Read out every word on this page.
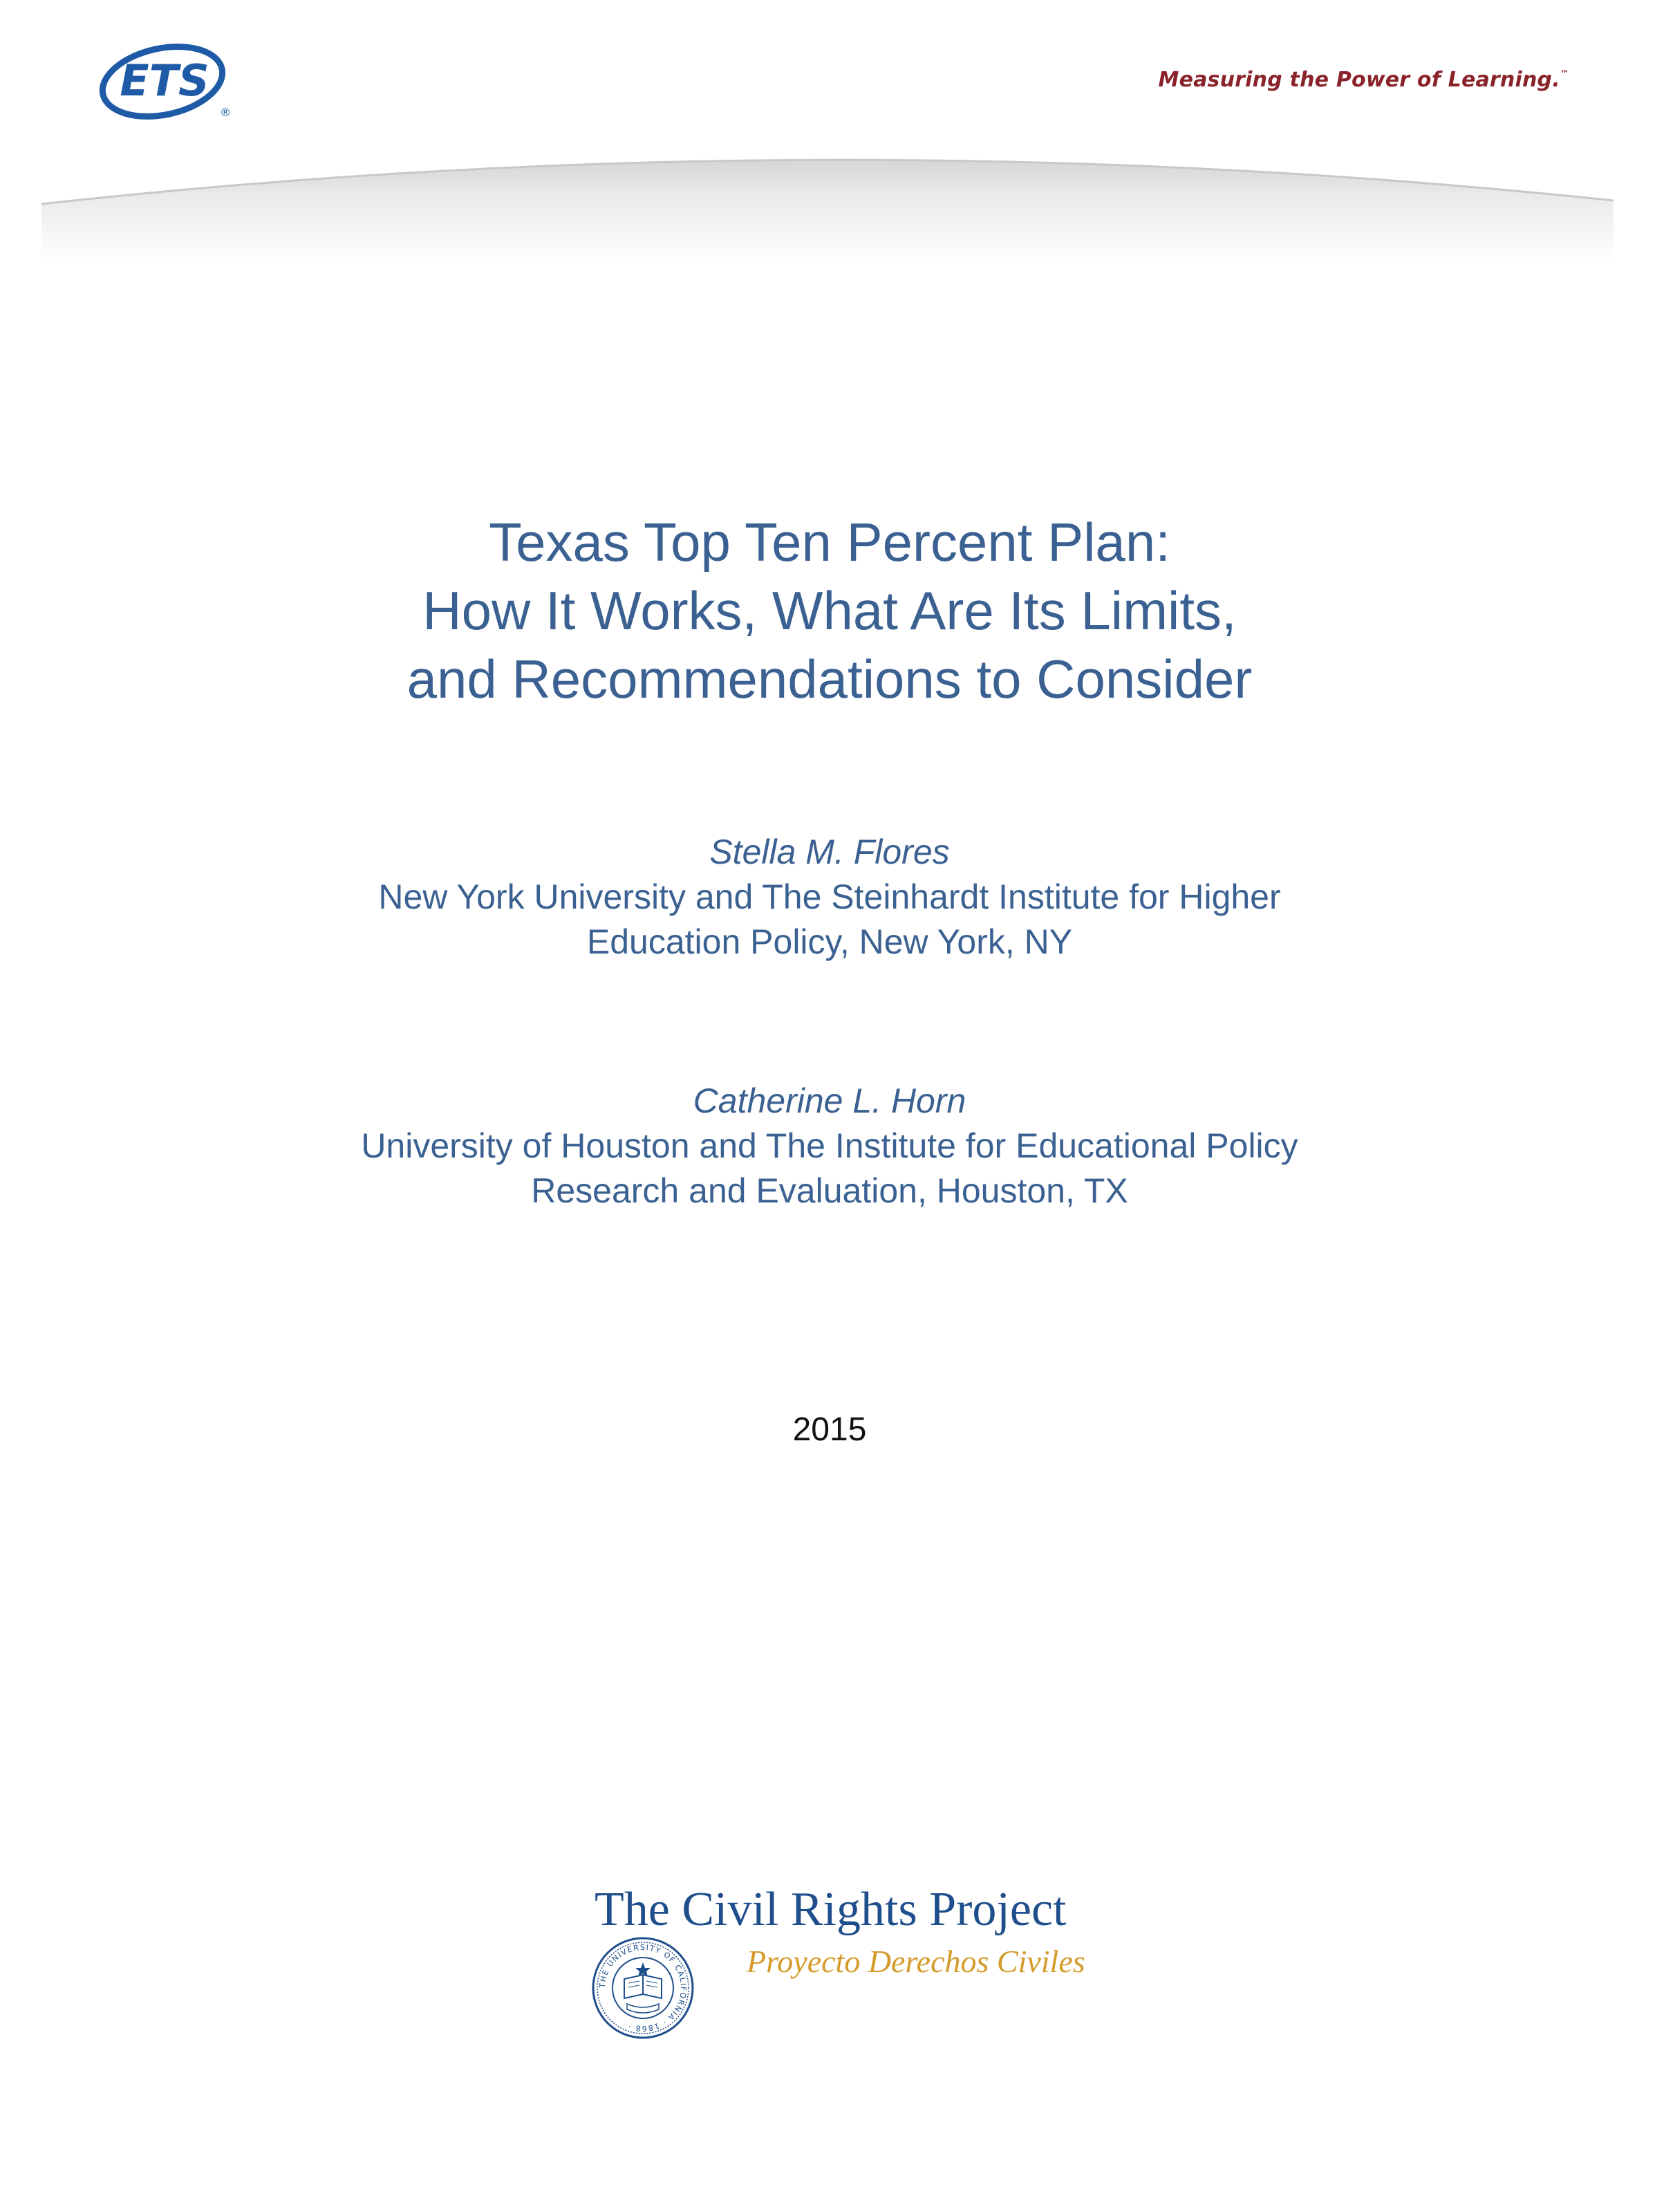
ETS
®
Measuring the Power of Learning.™
Texas Top Ten Percent Plan:
How It Works, What Are Its Limits,
and Recommendations to Consider
Stella M. Flores
New York University and The Steinhardt Institute for Higher
Education Policy, New York, NY
Catherine L. Horn
University of Houston and The Institute for Educational Policy
Research and Evaluation, Houston, TX
2015
The Civil Rights Project
Proyecto Derechos Civiles
THE UNIVERSITY OF CALIFORNIA · 1868 ·
